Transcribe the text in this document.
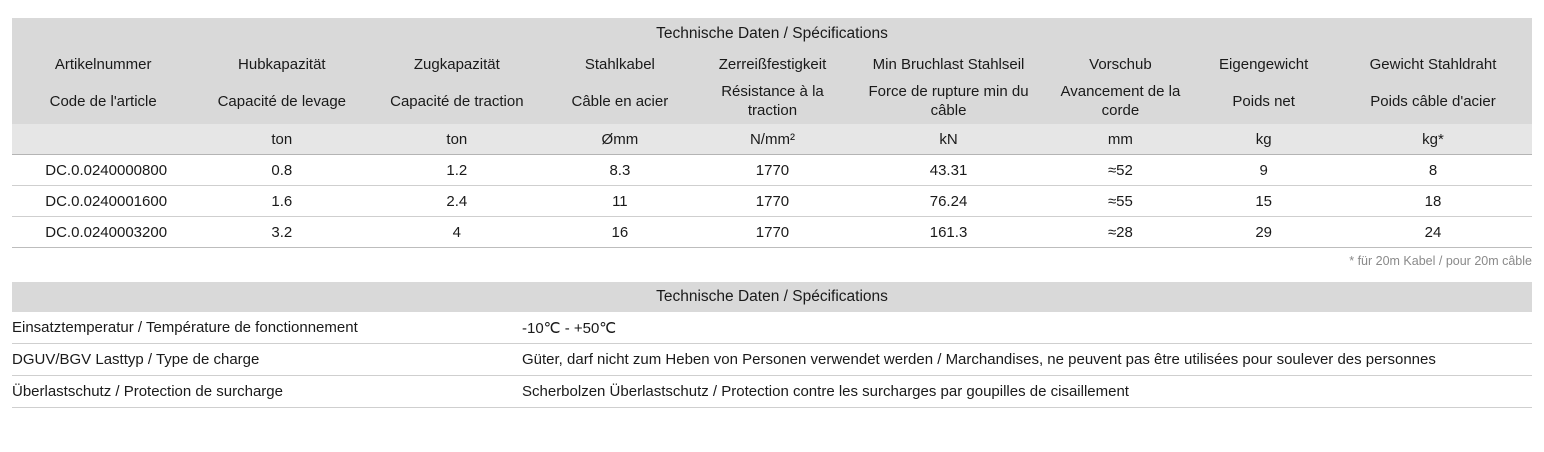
Technische Daten / Spécifications								
Artikelnummer	Hubkapazität	Zugkapazität	Stahlkabel	Zerreißfestigkeit	Min Bruchlast Stahlseil	Vorschub	Eigengewicht	Gewicht Stahldraht
Code de l'article	Capacité de levage	Capacité de traction	Câble en acier	Résistance à la traction	Force de rupture min du câble	Avancement de la corde	Poids net	Poids câble d'acier
	ton	ton	Ømm	N/mm²	kN	mm	kg	kg*
DC.0.0240000800	0.8	1.2	8.3	1770	43.31	≈52	9	8
DC.0.0240001600	1.6	2.4	11	1770	76.24	≈55	15	18
DC.0.0240003200	3.2	4	16	1770	161.3	≈28	29	24
* für 20m Kabel / pour 20m câble
Technische Daten / Spécifications	
Einsatztemperatur / Température de fonctionnement	-10℃ - +50℃
DGUV/BGV Lasttyp / Type de charge	Güter, darf nicht zum Heben von Personen verwendet werden / Marchandises, ne peuvent pas être utilisées pour soulever des personnes
Überlastschutz / Protection de surcharge	Scherbolzen Überlastschutz / Protection contre les surcharges par goupilles de cisaillement
